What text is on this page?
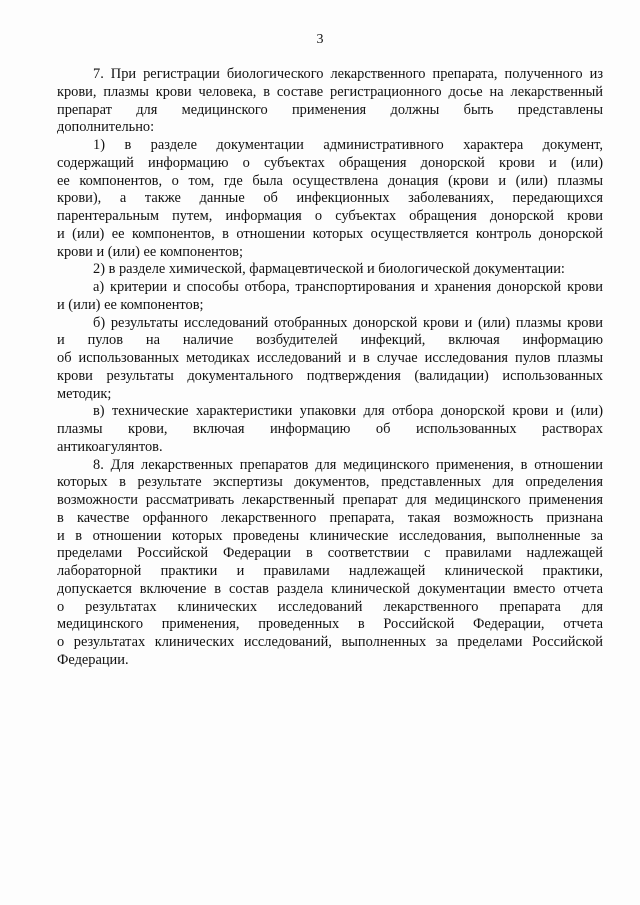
3

7. При регистрации биологического лекарственного препарата, полученного из
крови, плазмы крови человека, в составе регистрационного досье на лекарственный
препарат для медицинского применения должны быть представлены
дополнительно:

1) в разделе документации административного характера документ,
содержащий информацию о субъектах обращения донорской крови и (или)
ее компонентов, о том, где была осуществлена донация (крови и (или) плазмы
крови), а также данные об инфекционных заболеваниях, передающихся
парентеральным путем, информация о субъектах обращения донорской крови
и (или) ее компонентов, в отношении которых осуществляется контроль донорской
крови и (или) ее компонентов;

2) в разделе химической, фармацевтической и биологической документации:

а) критерии и способы отбора, транспортирования и хранения донорской крови
и (или) ее компонентов;

б) результаты исследований отобранных донорской крови и (или) плазмы крови
и пулов на наличие возбудителей инфекций, включая информацию
об использованных методиках исследований и в случае исследования пулов плазмы
крови результаты документального подтверждения (валидации) использованных
методик;

в) технические характеристики упаковки для отбора донорской крови и (или)
плазмы крови, включая информацию об использованных растворах
антикоагулянтов.

8. Для лекарственных препаратов для медицинского применения, в отношении
которых в результате экспертизы документов, представленных для определения
возможности рассматривать лекарственный препарат для медицинского применения
в качестве орфанного лекарственного препарата, такая возможность признана
и в отношении которых проведены клинические исследования, выполненные за
пределами Российской Федерации в соответствии с правилами надлежащей
лабораторной практики и правилами надлежащей клинической практики,
допускается включение в состав раздела клинической документации вместо отчета
о результатах клинических исследований лекарственного препарата для
медицинского применения, проведенных в Российской Федерации, отчета
о результатах клинических исследований, выполненных за пределами Российской
Федерации.
